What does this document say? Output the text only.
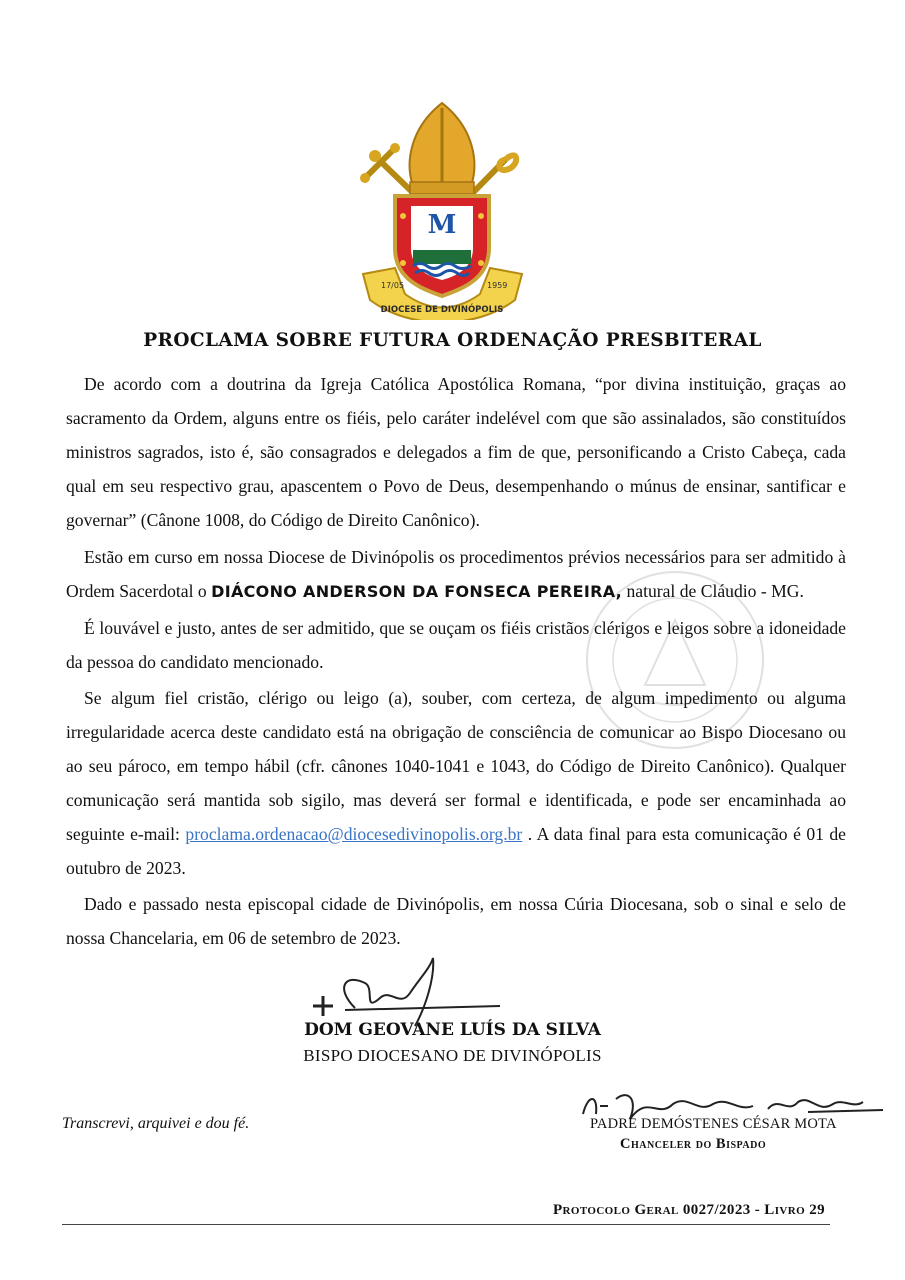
M
17/05	1959
DIOCESE DE DIVINÓPOLIS
PROCLAMA SOBRE FUTURA ORDENAÇÃO PRESBITERAL

De acordo com a doutrina da Igreja Católica Apostólica Romana, “por divina instituição, graças ao sacramento da Ordem, alguns entre os fiéis, pelo caráter indelével com que são assinalados, são constituídos ministros sagrados, isto é, são consagrados e delegados a fim de que, personificando a Cristo Cabeça, cada qual em seu respectivo grau, apascentem o Povo de Deus, desempenhando o múnus de ensinar, santificar e governar” (Cânone 1008, do Código de Direito Canônico).

Estão em curso em nossa Diocese de Divinópolis os procedimentos prévios necessários para ser admitido à Ordem Sacerdotal o DIÁCONO ANDERSON DA FONSECA PEREIRA, natural de Cláudio - MG.

É louvável e justo, antes de ser admitido, que se ouçam os fiéis cristãos clérigos e leigos sobre a idoneidade da pessoa do candidato mencionado.

Se algum fiel cristão, clérigo ou leigo (a), souber, com certeza, de algum impedimento ou alguma irregularidade acerca deste candidato está na obrigação de consciência de comunicar ao Bispo Diocesano ou ao seu pároco, em tempo hábil (cfr. cânones 1040-1041 e 1043, do Código de Direito Canônico). Qualquer comunicação será mantida sob sigilo, mas deverá ser formal e identificada, e pode ser encaminhada ao seguinte e-mail: proclama.ordenacao@diocesedivinopolis.org.br . A data final para esta comunicação é 01 de outubro de 2023.

Dado e passado nesta episcopal cidade de Divinópolis, em nossa Cúria Diocesana, sob o sinal e selo de nossa Chancelaria, em 06 de setembro de 2023.

DOM GEOVANE LUÍS DA SILVA
BISPO DIOCESANO DE DIVINÓPOLIS
Transcrevi, arquivei e dou fé.	PADRE DEMÓSTENES CÉSAR MOTA
Chanceler do Bispado
Protocolo Geral 0027/2023 - Livro 29
